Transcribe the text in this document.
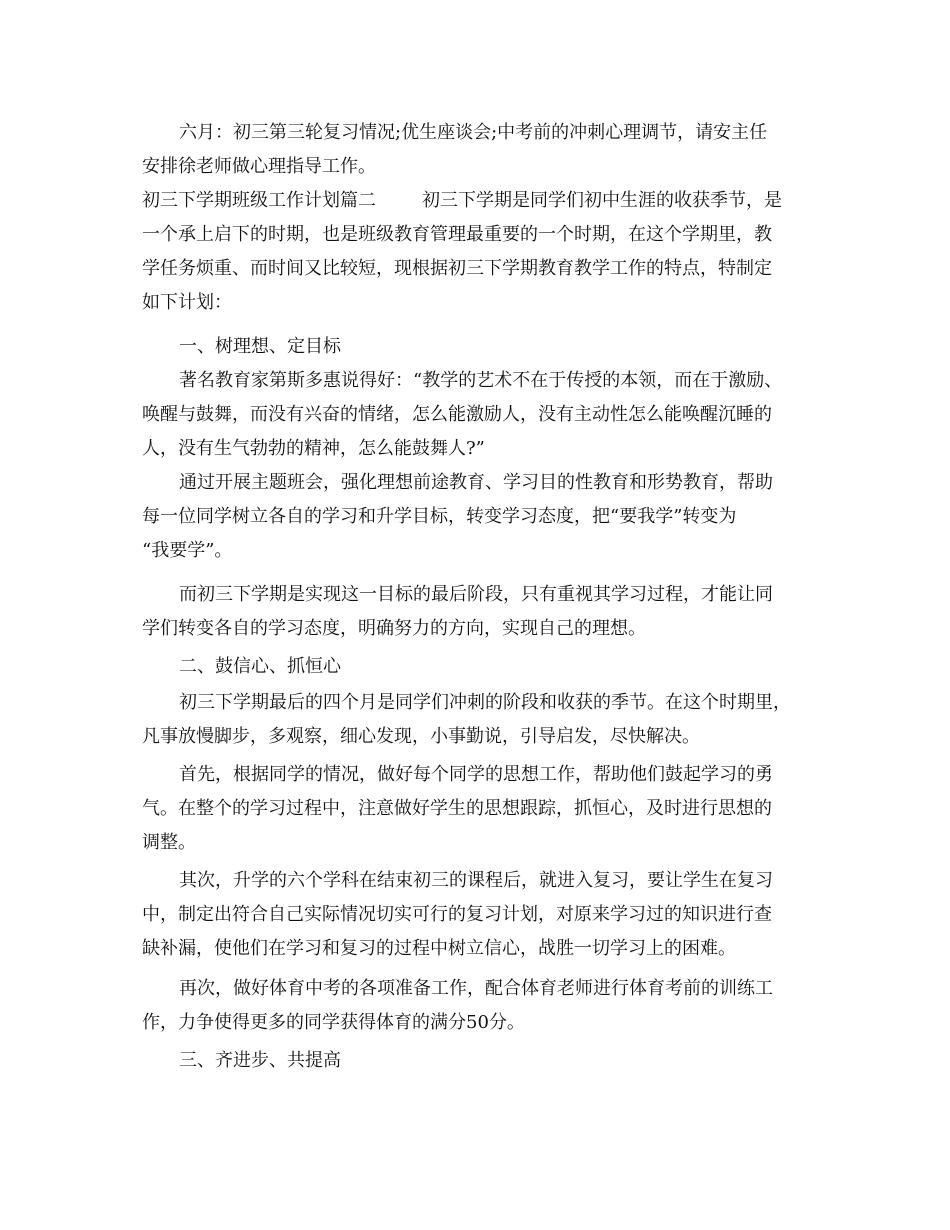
六月：初三第三轮复习情况;优生座谈会;中考前的冲刺心理调节，请安主任
安排徐老师做心理指导工作。
初三下学期班级工作计划篇二	初三下学期是同学们初中生涯的收获季节，是
一个承上启下的时期，也是班级教育管理最重要的一个时期，在这个学期里，教
学任务烦重、而时间又比较短，现根据初三下学期教育教学工作的特点，特制定
如下计划：
一、树理想、定目标
著名教育家第斯多惠说得好：“教学的艺术不在于传授的本领，而在于激励、
唤醒与鼓舞，而没有兴奋的情绪，怎么能激励人，没有主动性怎么能唤醒沉睡的
人，没有生气勃勃的精神，怎么能鼓舞人?”
通过开展主题班会，强化理想前途教育、学习目的性教育和形势教育，帮助
每一位同学树立各自的学习和升学目标，转变学习态度，把“要我学”转变为
“我要学”。
而初三下学期是实现这一目标的最后阶段，只有重视其学习过程，才能让同
学们转变各自的学习态度，明确努力的方向，实现自己的理想。
二、鼓信心、抓恒心
初三下学期最后的四个月是同学们冲刺的阶段和收获的季节。在这个时期里，
凡事放慢脚步，多观察，细心发现，小事勤说，引导启发，尽快解决。
首先，根据同学的情况，做好每个同学的思想工作，帮助他们鼓起学习的勇
气。在整个的学习过程中，注意做好学生的思想跟踪，抓恒心，及时进行思想的
调整。
其次，升学的六个学科在结束初三的课程后，就进入复习，要让学生在复习
中，制定出符合自己实际情况切实可行的复习计划，对原来学习过的知识进行查
缺补漏，使他们在学习和复习的过程中树立信心，战胜一切学习上的困难。
再次，做好体育中考的各项准备工作，配合体育老师进行体育考前的训练工
作，力争使得更多的同学获得体育的满分50分。
三、齐进步、共提高
